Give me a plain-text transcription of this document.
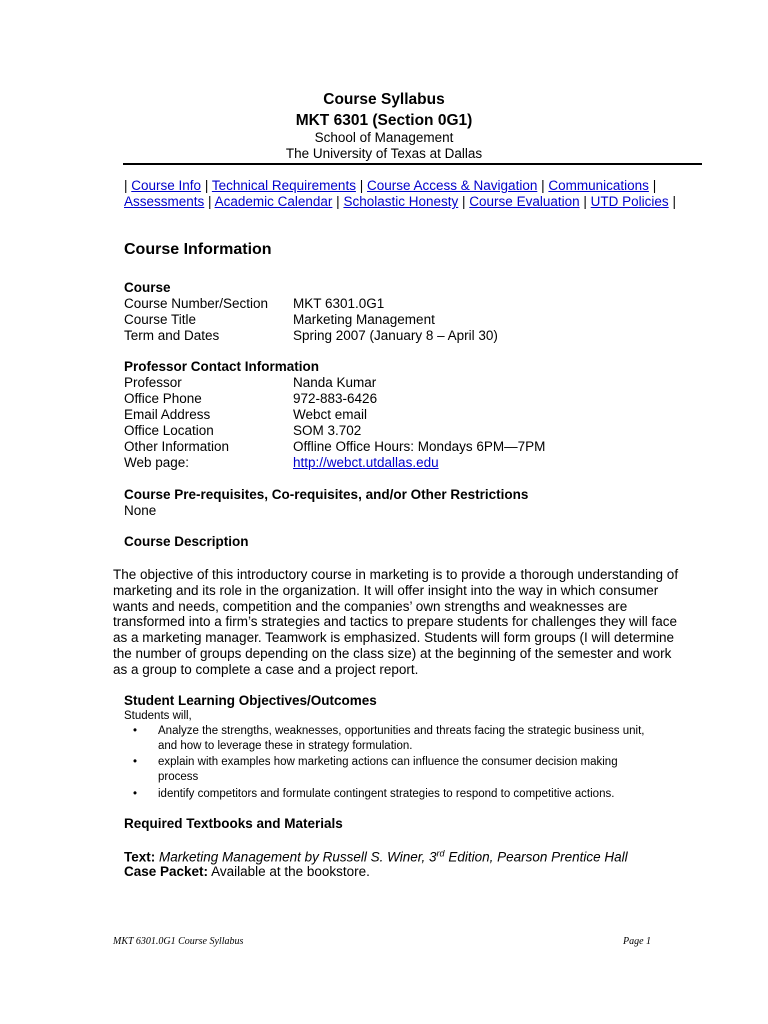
Course Syllabus
MKT 6301 (Section 0G1)
School of Management
The University of Texas at Dallas
| Course Info | Technical Requirements | Course Access & Navigation | Communications |
Assessments | Academic Calendar | Scholastic Honesty | Course Evaluation | UTD Policies |
Course Information
Course
Course Number/Section MKT 6301.0G1
Course Title	Marketing Management
Term and Dates	Spring 2007 (January 8 – April 30)
Professor Contact Information
Professor	Nanda Kumar
Office Phone	972-883-6426
Email Address	Webct email
Office Location	SOM 3.702
Other Information	Offline Office Hours: Mondays 6PM—7PM
Web page:	http://webct.utdallas.edu
Course Pre-requisites, Co-requisites, and/or Other Restrictions
None
Course Description

The objective of this introductory course in marketing is to provide a thorough understanding of

marketing and its role in the organization. It will offer insight into the way in which consumer

wants and needs, competition and the companies’ own strengths and weaknesses are

transformed into a firm’s strategies and tactics to prepare students for challenges they will face

as a marketing manager. Teamwork is emphasized. Students will form groups (I will determine

the number of groups depending on the class size) at the beginning of the semester and work

as a group to complete a case and a project report.

Student Learning Objectives/Outcomes
Students will,
• Analyze the strengths, weaknesses, opportunities and threats facing the strategic business unit,
and how to leverage these in strategy formulation.
• explain with examples how marketing actions can influence the consumer decision making
process
• identify competitors and formulate contingent strategies to respond to competitive actions.
Required Textbooks and Materials
Text: Marketing Management by Russell S. Winer, 3rd Edition, Pearson Prentice Hall
Case Packet: Available at the bookstore.
MKT 6301.0G1 Course Syllabus	Page 1
